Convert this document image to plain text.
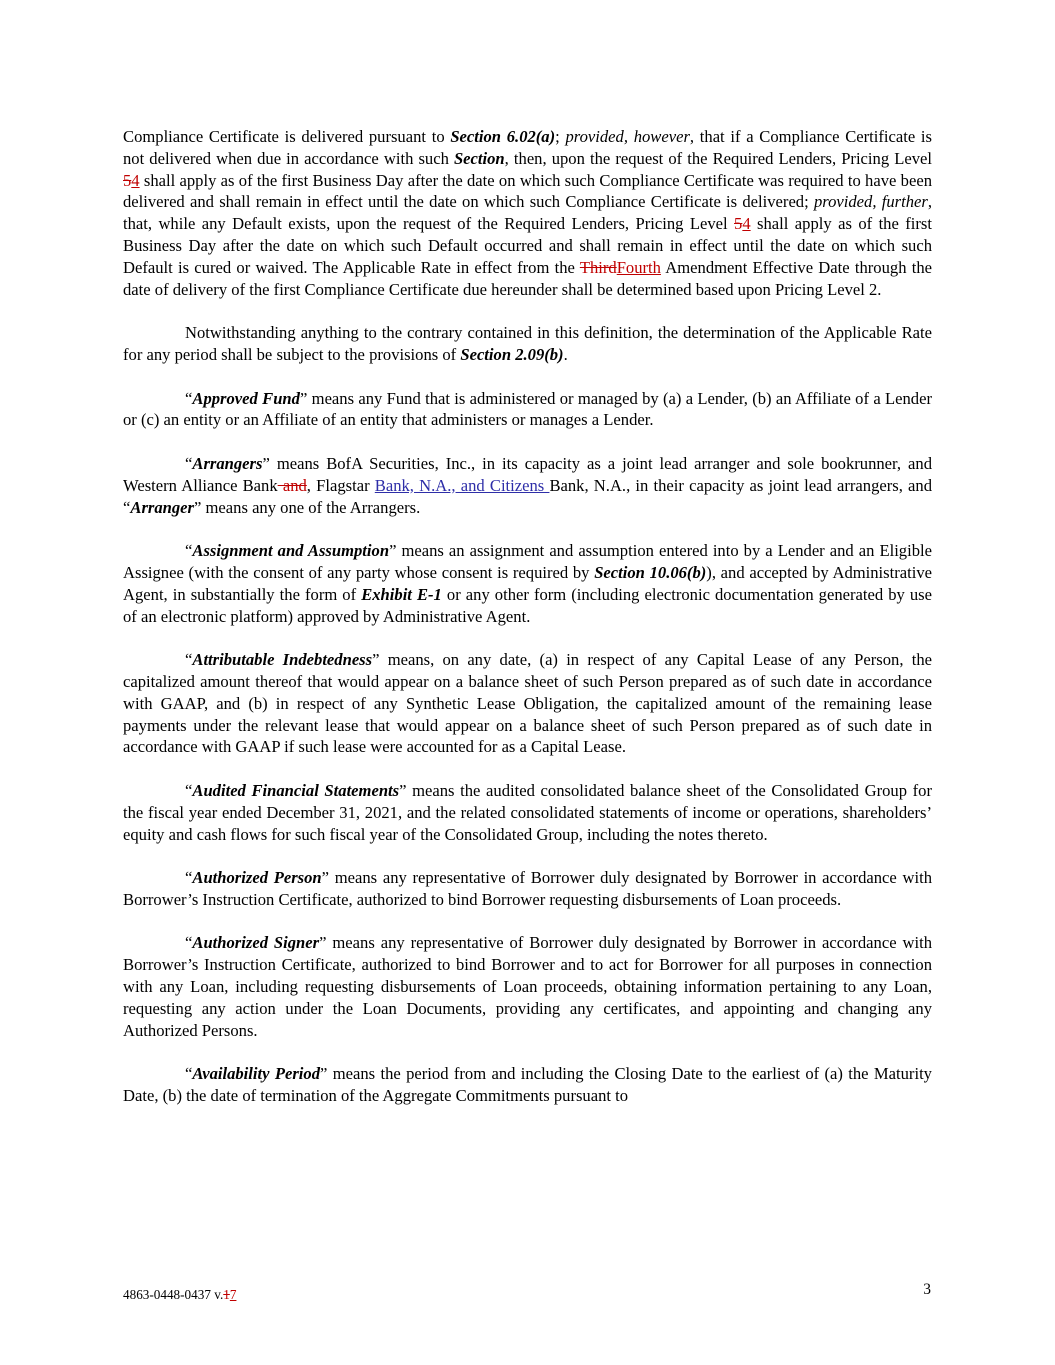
Compliance Certificate is delivered pursuant to Section 6.02(a); provided, however, that if a Compliance Certificate is not delivered when due in accordance with such Section, then, upon the request of the Required Lenders, Pricing Level 54 shall apply as of the first Business Day after the date on which such Compliance Certificate was required to have been delivered and shall remain in effect until the date on which such Compliance Certificate is delivered; provided, further, that, while any Default exists, upon the request of the Required Lenders, Pricing Level 54 shall apply as of the first Business Day after the date on which such Default occurred and shall remain in effect until the date on which such Default is cured or waived. The Applicable Rate in effect from the ThirdFourth Amendment Effective Date through the date of delivery of the first Compliance Certificate due hereunder shall be determined based upon Pricing Level 2.

Notwithstanding anything to the contrary contained in this definition, the determination of the Applicable Rate for any period shall be subject to the provisions of Section 2.09(b).

“Approved Fund” means any Fund that is administered or managed by (a) a Lender, (b) an Affiliate of a Lender or (c) an entity or an Affiliate of an entity that administers or manages a Lender.

“Arrangers” means BofA Securities, Inc., in its capacity as a joint lead arranger and sole bookrunner, and Western Alliance Bank and, Flagstar Bank, N.A., and Citizens Bank, N.A., in their capacity as joint lead arrangers, and “Arranger” means any one of the Arrangers.

“Assignment and Assumption” means an assignment and assumption entered into by a Lender and an Eligible Assignee (with the consent of any party whose consent is required by Section 10.06(b)), and accepted by Administrative Agent, in substantially the form of Exhibit E-1 or any other form (including electronic documentation generated by use of an electronic platform) approved by Administrative Agent.

“Attributable Indebtedness” means, on any date, (a) in respect of any Capital Lease of any Person, the capitalized amount thereof that would appear on a balance sheet of such Person prepared as of such date in accordance with GAAP, and (b) in respect of any Synthetic Lease Obligation, the capitalized amount of the remaining lease payments under the relevant lease that would appear on a balance sheet of such Person prepared as of such date in accordance with GAAP if such lease were accounted for as a Capital Lease.

“Audited Financial Statements” means the audited consolidated balance sheet of the Consolidated Group for the fiscal year ended December 31, 2021, and the related consolidated statements of income or operations, shareholders’ equity and cash flows for such fiscal year of the Consolidated Group, including the notes thereto.

“Authorized Person” means any representative of Borrower duly designated by Borrower in accordance with Borrower’s Instruction Certificate, authorized to bind Borrower requesting disbursements of Loan proceeds.

“Authorized Signer” means any representative of Borrower duly designated by Borrower in accordance with Borrower’s Instruction Certificate, authorized to bind Borrower and to act for Borrower for all purposes in connection with any Loan, including requesting disbursements of Loan proceeds, obtaining information pertaining to any Loan, requesting any action under the Loan Documents, providing any certificates, and appointing and changing any Authorized Persons.

“Availability Period” means the period from and including the Closing Date to the earliest of (a) the Maturity Date, (b) the date of termination of the Aggregate Commitments pursuant to

4863-0448-0437 v.17	3
